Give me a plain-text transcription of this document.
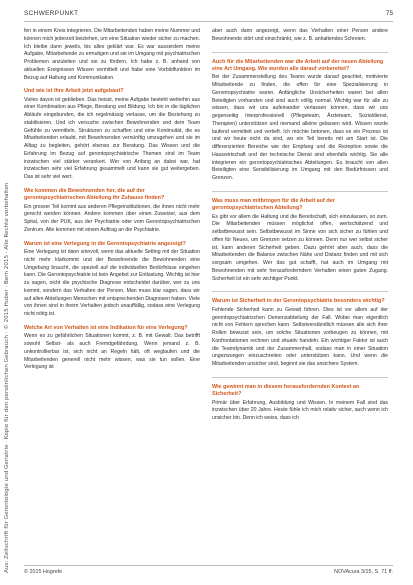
Aus: Zeitschrift für Gerontologie und Geriatrie · Kopie für den persönlichen Gebrauch · © 2015 Huber · Bern 2015 · Alle Rechte vorbehalten
SCHWERPUNKT	75

fen in einem Kreis integrieren. Die Mitarbeitenden haben meine Nummer und können mich jederzeit beiziehen, um eine Situation wieder sicher zu machen. Ich bleibe dann jeweils, bis alles geklärt war. Es war ausserdem meine Aufgabe, Mitarbeitende zu ermutigen und sie im Umgang mit psychiatrischen Problemen anzuleiten und sie zu fördern. Ich habe z. B. anhand von aktuellen Ereignissen Wissen vermittelt und habe eine Vorbildfunktion im Bezug auf Haltung und Kommunikation.

Und wie ist Ihre Arbeit jetzt aufgebaut?

Vieles davon ist geblieben. Das heisst, meine Aufgabe besteht weiterhin aus einer Kombination aus Pflege, Beratung und Bildung. Ich bin in die täglichen Abläufe eingebunden, die ich regelmässig verlasse, um die Beziehung zu stabilisieren. Und ich versuche zwischen Bewohnenden und dem Team Gefühle zu vermitteln. Strukturen zu schaffen und eine Kontinuität, die es Mitarbeitenden erlaubt, mit Bewohnenden vernünftig umzugehen und sie im Alltag zu begleiten, gehört ebenso zur Beratung. Das Wissen und die Erfahrung im Bezug auf gerontopsychiatrische Themen sind im Team inzwischen viel stärker verankert. Wer von Anfang an dabei war, hat inzwischen sehr viel Erfahrung gesammelt und kann sie gut weitergeben. Das ist sehr viel wert.

Wie kommen die Bewohnenden her, die auf der gerontopsychiatrischen Abteilung ihr Zuhause finden?

Ein grosser Teil kommt aus anderen Pflegeinstitutionen, die ihnen nicht mehr gerecht werden können. Andere kommen über einen Zuweiser, aus dem Spital, von der PUK, aus der Psychiatrie oder vom Gerontopsychiatrischen Zentrum. Alle kommen mit einem Auftrag an die Psychiatrie.

Warum ist eine Verlegung in die Gerontopsychiatrie angezeigt?

Eine Verlegung ist dann sinnvoll, wenn das aktuelle Setting mit der Situation nicht mehr klarkommt und der Bewohnende die Bewohnenden eine Umgebung braucht, die speziell auf die individuellen Bedürfnisse eingehen kann. Die Gerontopsychiatrie ist kein Angebot zur Entlastung. Wichtig ist hier zu sagen, nicht die psychische Diagnose entscheidet darüber, wer zu uns kommt, sondern das Verhalten der Person. Man muss klar sagen, dass wir auf allen Abteilungen Menschen mit entsprechenden Diagnosen haben. Viele von ihnen sind in ihrem Verhalten jedoch unauffällig, sodass eine Verlegung nicht nötig ist.

Welche Art von Verhalten ist eine Indikation für eine Verlegung?

Wenn es zu gefährlichen Situationen kommt, z. B. mit Gewalt. Das betrifft sowohl Selbst- als auch Fremdgefährdung. Wenn jemand z. B. unkontrollierbar ist, sich nicht an Regeln hält, oft weglaufen und die Mitarbeitenden generell nicht mehr wissen, was sie tun sollen. Eine Verlegung ist

aber auch dann angezeigt, wenn das Verhalten einer Person andere Bewohnende stört und einschränkt, wie z. B. anhaltendes Schreien.

Auch für die Mitarbeitenden war die Arbeit auf der neuen Abteilung eine Art Umgang. Wie wurden alle darauf vorbereitet?

Bei der Zusammenstellung des Teams wurde darauf geachtet, motivierte Mitarbeitende zu finden, die offen für eine Spezialisierung in Gerontopsychiatrie waren. Anfängliche Unsicherheiten waren bei allen Beteiligten vorhanden und sind auch völlig normal. Wichtig war für alle zu wissen, dass wir uns aufeinander verlassen können, dass wir uns gegenseitig Interprofessionell (Pflegeteam, Ärzteteam, Sozialdienst, Therapien) unterstützen und niemand alleine gelassen wird. Wissen wurde laufend vermittelt und vertieft. Ich möchte betonen, dass es ein Prozess ist und wir heute nicht da sind, wo ein Teil bereits mit am Start ist. Die differenzierten Bereiche wie der Empfang und die Rezeption sowie die Hauswirtschaft und der technische Dienst sind ebenfalls wichtig. Sie alle integrieren ein gerontopsychiatrisches Abteilungen. Es braucht von allen Beteiligten eine Sensibilisierung im Umgang mit den Bedürfnissen und Grenzen.

Was muss man mitbringen für die Arbeit auf der gerontopsychiatrischen Abteilung?

Es gibt vor allem die Haltung und die Bereitschaft, sich einzulassen, so zum. Die Mitarbeitenden müssen möglichst offen, wertschätzend und selbstbewusst sein. Selbstbewusst im Sinne von sich sicher zu fühlen und offen für Neues, um Grenzen setzen zu können. Denn nur wer selbst sicher ist, kann anderen Sicherheit geben. Dazu gehört aber auch, dass die Mitarbeitenden die Balance zwischen Nähe und Distanz finden und mit sich sorgsam umgehen. Wer das gut schafft, hat auch im Umgang mit Bewohnenden mit sehr herausforderndem Verhalten einen guten Zugang. Sicherheit ist ein sehr wichtiger Punkt.

Warum ist Sicherheit in der Gerontopsychiatrie besonders wichtig?

Fehlende Sicherheit kann zu Gewalt führen. Dies ist vor allem auf der gerontopsychiatrischen Demenzabteilung der Fall. Wobei man eigentlich nicht von Fehlern sprechen kann. Selbstverständlich müssen alle sich ihrer Rollen bewusst sein, um solche Situationen vorbeugen zu können, mit Konfrontationen rechnen und situativ handeln. Ein wichtiger Faktor ist auch die Teamdynamik und der Zusammenhalt, sodass man in einer Situation ungezwungen einzuschreiten oder unterstützen kann. Und wenn die Mitarbeitenden unsicher sind, beginnt sie das unsichere System.

Wie gewinnt man in diesem herausfordernden Kontext an Sicherheit?

Primär über Erfahrung, Ausbildung und Wissen. In meinem Fall sind das inzwischen über 20 Jahre. Heute fühle ich mich relativ sicher, auch wenn ich unsicher bin. Denn ich weiss, dass ich

© 2015 Hogrefe	NOVAcura 3/15, S. 71 ff.
